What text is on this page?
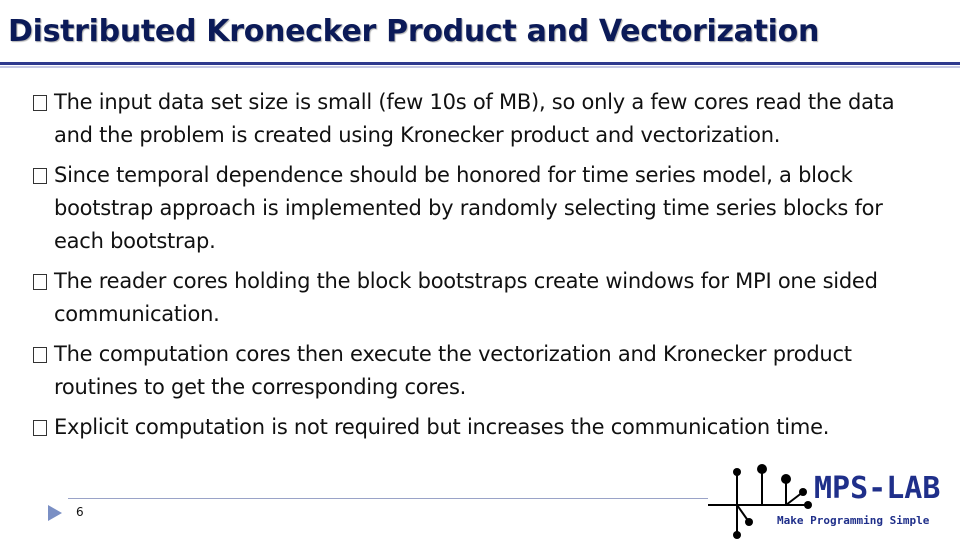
Distributed Kronecker Product and Vectorization
The input data set size is small (few 10s of MB), so only a few cores read the data and the problem is created using Kronecker product and vectorization.
Since temporal dependence should be honored for time series model, a block bootstrap approach is implemented by randomly selecting time series blocks for each bootstrap.
The reader cores holding the block bootstraps create windows for MPI one sided communication.
The computation cores then execute the vectorization and Kronecker product routines to get the corresponding cores.
Explicit computation is not required but increases the communication time.
6
MPS-LAB
Make Programming Simple
